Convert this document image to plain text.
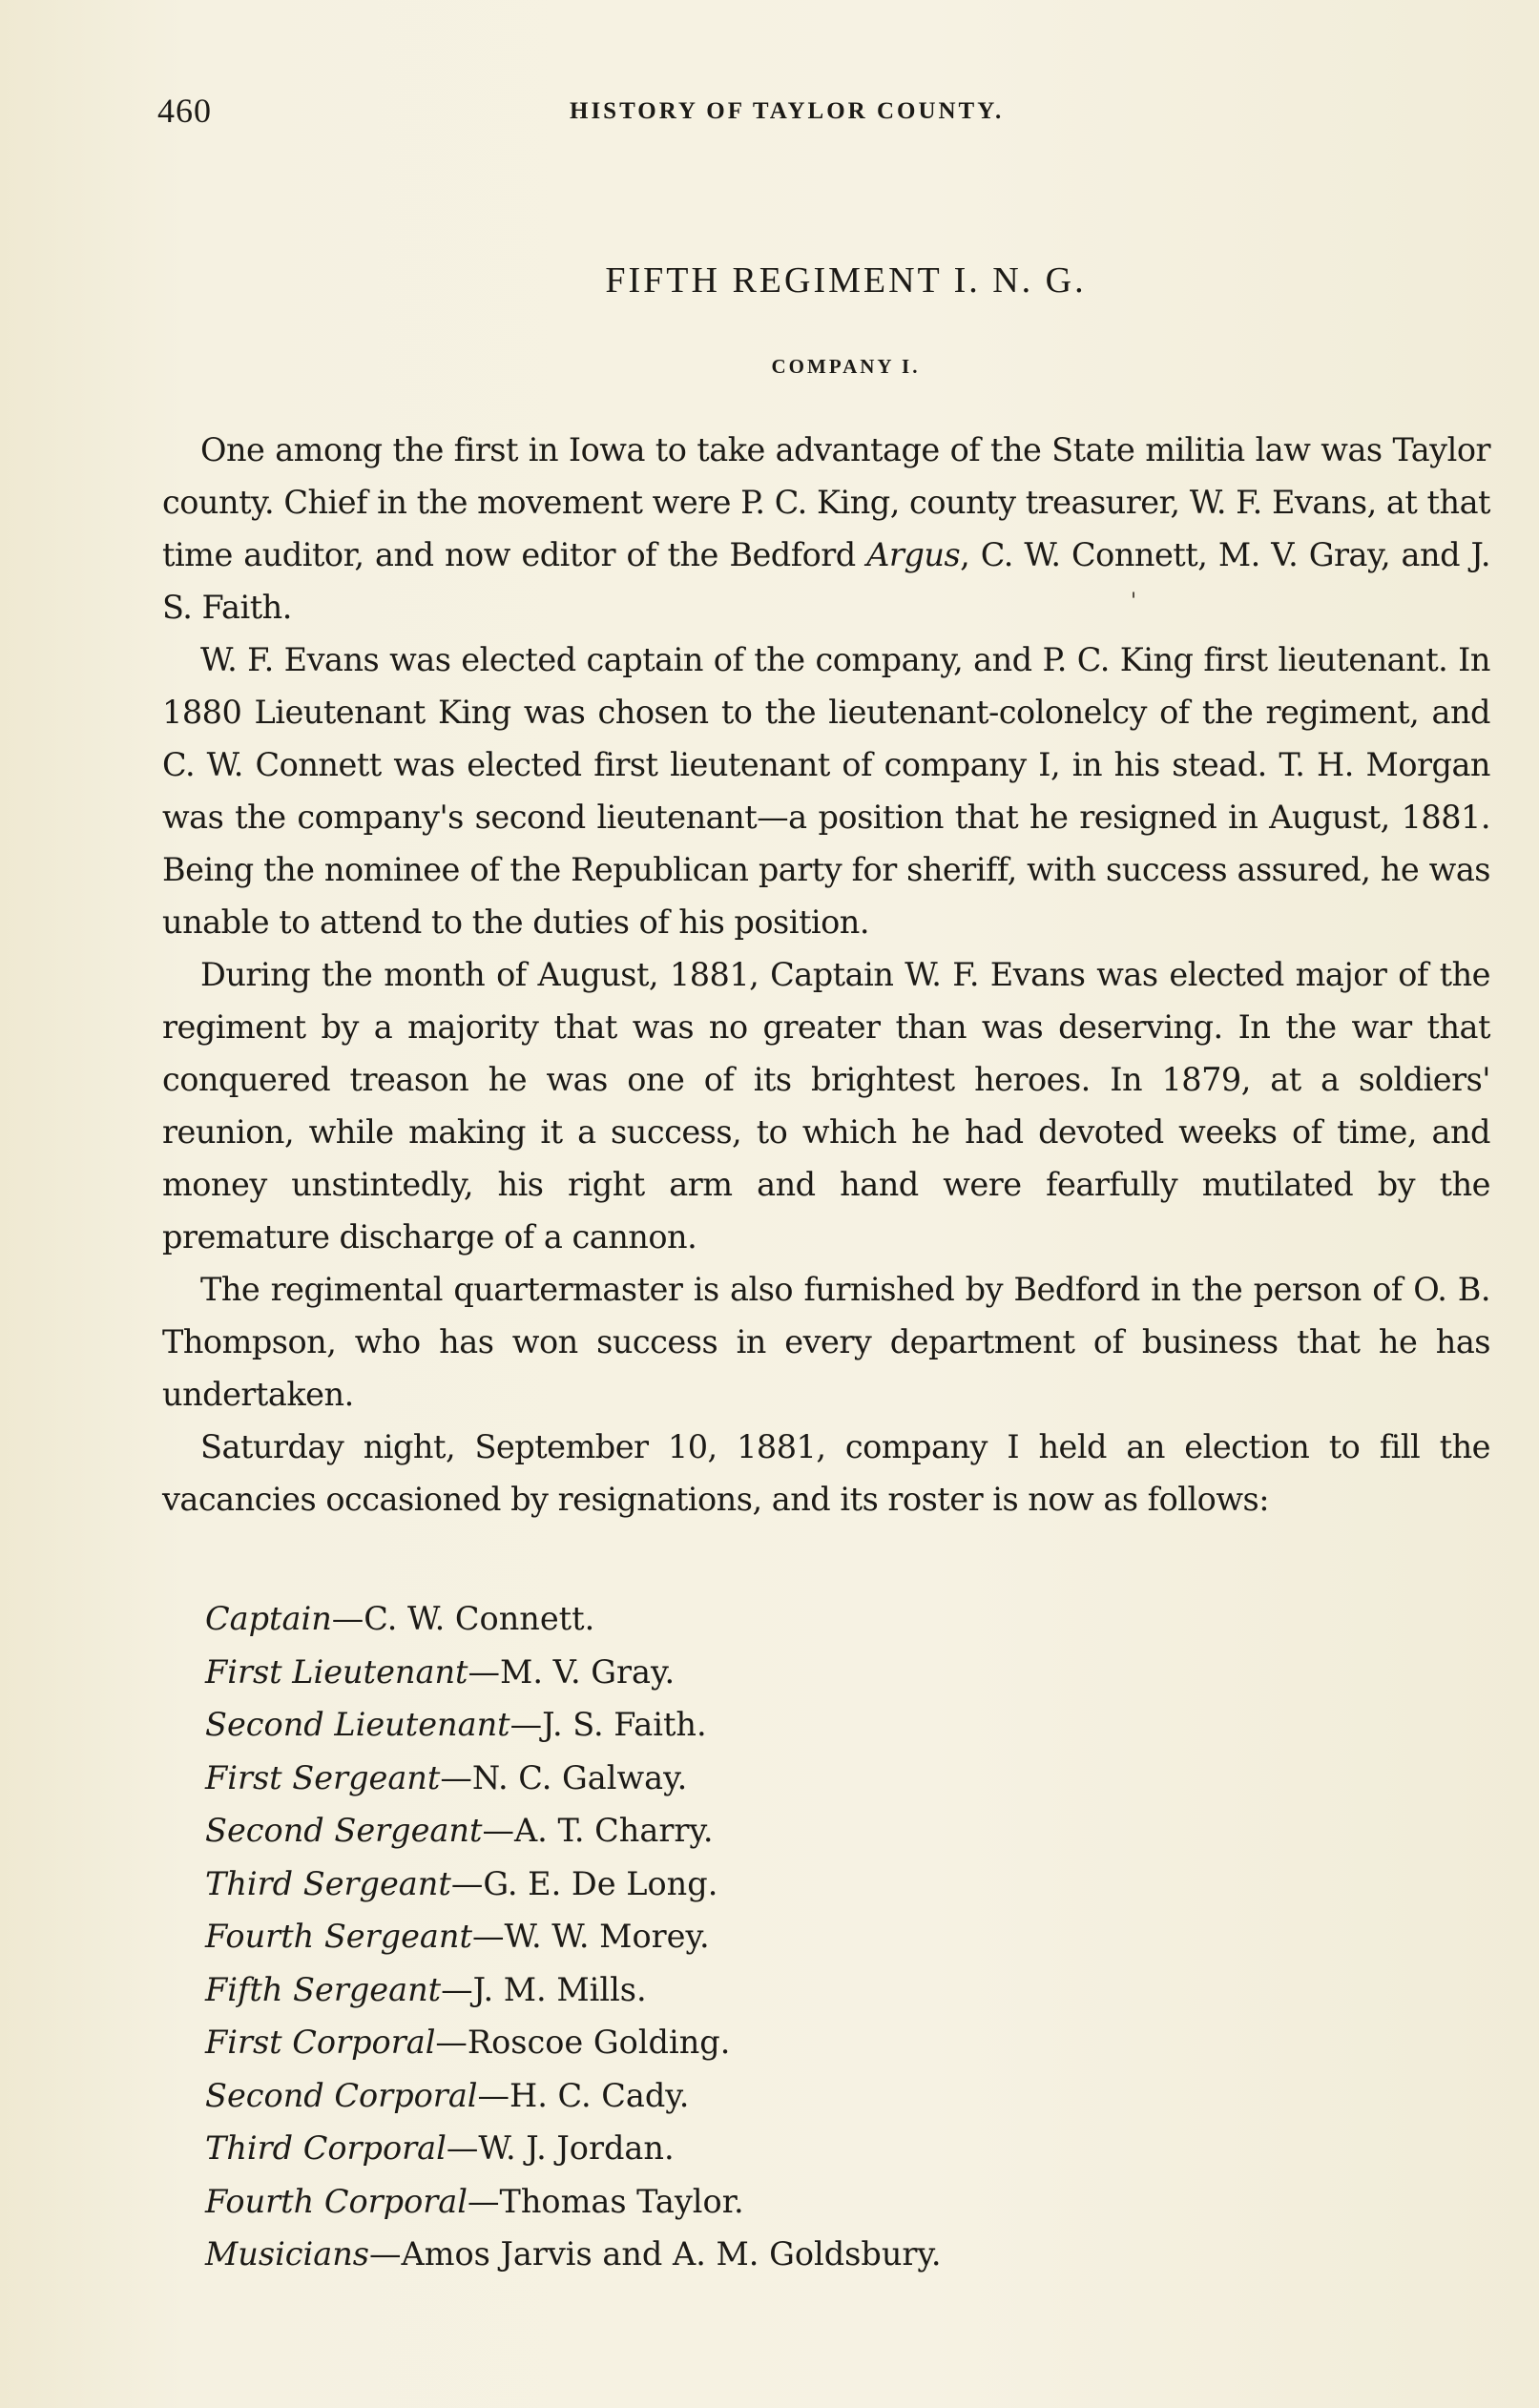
460	HISTORY OF TAYLOR COUNTY.
FIFTH REGIMENT I. N. G.
COMPANY I.

One among the first in Iowa to take advantage of the State militia law was Taylor county. Chief in the movement were P. C. King, county treasurer, W. F. Evans, at that time auditor, and now editor of the Bedford Argus, C. W. Connett, M. V. Gray, and J. S. Faith.

W. F. Evans was elected captain of the company, and P. C. King first lieutenant. In 1880 Lieutenant King was chosen to the lieutenant-colonelcy of the regiment, and C. W. Connett was elected first lieutenant of company I, in his stead. T. H. Morgan was the company's second lieutenant—a position that he resigned in August, 1881. Being the nominee of the Republican party for sheriff, with success assured, he was unable to attend to the duties of his position.

During the month of August, 1881, Captain W. F. Evans was elected major of the regiment by a majority that was no greater than was deserving. In the war that conquered treason he was one of its brightest heroes. In 1879, at a soldiers' reunion, while making it a success, to which he had devoted weeks of time, and money unstintedly, his right arm and hand were fearfully mutilated by the premature discharge of a cannon.

The regimental quartermaster is also furnished by Bedford in the person of O. B. Thompson, who has won success in every department of business that he has undertaken.

Saturday night, September 10, 1881, company I held an election to fill the vacancies occasioned by resignations, and its roster is now as follows:

'

Captain—C. W. Connett.

First Lieutenant—M. V. Gray.

Second Lieutenant—J. S. Faith.

First Sergeant—N. C. Galway.

Second Sergeant—A. T. Charry.

Third Sergeant—G. E. De Long.

Fourth Sergeant—W. W. Morey.

Fifth Sergeant—J. M. Mills.

First Corporal—Roscoe Golding.

Second Corporal—H. C. Cady.

Third Corporal—W. J. Jordan.

Fourth Corporal—Thomas Taylor.

Musicians—Amos Jarvis and A. M. Goldsbury.
